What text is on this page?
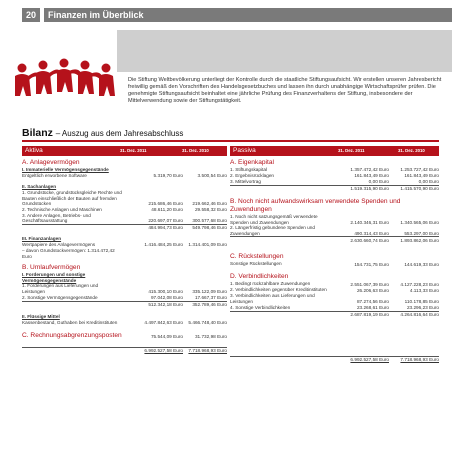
20	Finanzen im Überblick
Die Stiftung Weltbevölkerung unterliegt der Kontrolle durch die staatliche Stiftungsaufsicht. Wir erstellen unseren Jahresbericht freiwillig gemäß den Vorschriften des Handelsgesetzbuches und lassen ihn durch unabhängige Wirtschaftsprüfer prüfen. Die genehmigte Stiftungsaufsicht beinhaltet eine jährliche Prüfung des Finanzverhaltens der Stiftung, insbesondere der Mittelverwendung sowie der Stiftungstätigkeit.
Bilanz – Auszug aus dem Jahresabschluss
Aktiva	31. Dez. 2011	31. Dez. 2010
A. Anlagevermögen
I. Immaterielle Vermögensgegenstände
Entgeltlich erworbene Software	5.319,70 Euro	3.500,54 Euro
II. Sachanlagen
1. Grundstücke, grundstücksgleiche Rechte und Bauten einschließlich der Bauten auf fremden Grundstücken	215.686,46 Euro 219.662,46 Euro
2. Technische Anlagen und Maschinen	48.611,20 Euro	29.558,32 Euro
3. Andere Anlagen, Betriebs- und Geschäftsausstattung	220.697,07 Euro 300.577,68 Euro

484.994,73 Euro 549.798,46 Euro
III. Finanzanlagen
Wertpapiere des Anlagevermögens	1.416.484,25 Euro 1.314.401,09 Euro
– davon Grundstockvermögen: 1.314.472,42 Euro
B. Umlaufvermögen
I. Forderungen und sonstige Vermögensgegenstände
1. Forderungen aus Lieferungen und Leistungen	415.300,10 Euro 335.122,09 Euro
2. Sonstige Vermögensgegenstände	97.042,08 Euro	17.667,37 Euro

512.342,18 Euro 352.789,46 Euro
II. Flüssige Mittel
Kassenbestand, Guthaben bei Kreditinstituten	4.497.842,63 Euro 5.466.748,40 Euro
C. Rechnungsabgrenzungsposten	75.544,09 Euro	31.732,98 Euro

6.992.527,58 Euro 7.718.968,93 Euro
Passiva	31. Dez. 2011	31. Dez. 2010
A. Eigenkapital
1. Stiftungskapital	1.357.472,42 Euro 1.253.727,42 Euro
2. Ergebnisrücklagen	161.843,49 Euro	161.843,49 Euro
3. Mittelvortrag	0,00 Euro	0,00 Euro

1.519.315,90 Euro 1.415.570,90 Euro
B. Noch nicht aufwandswirksam verwendete Spenden und Zuwendungen
1. Noch nicht satzungsgemäß verwendete Spenden und Zuwendungen	2.140.346,31 Euro 1.340.565,06 Euro
2. Längerfristig gebundene Spenden und Zuwendungen	490.314,43 Euro	553.297,00 Euro

2.630.660,74 Euro 1.893.862,06 Euro
C. Rückstellungen
Sonstige Rückstellungen	154.731,75 Euro	144.619,33 Euro
D. Verbindlichkeiten
1. Bedingt rückzahlbare Zuwendungen	2.551.067,39 Euro 4.127.228,23 Euro
2. Verbindlichkeiten gegenüber Kreditinstituten	26.206,63 Euro	4.113,33 Euro
3. Verbindlichkeiten aus Lieferungen und Leistungen	87.274,56 Euro	110.178,85 Euro
4. Sonstige Verbindlichkeiten	23.268,61 Euro	23.296,23 Euro

2.687.819,19 Euro 4.264.816,64 Euro

6.992.527,58 Euro 7.718.968,93 Euro
